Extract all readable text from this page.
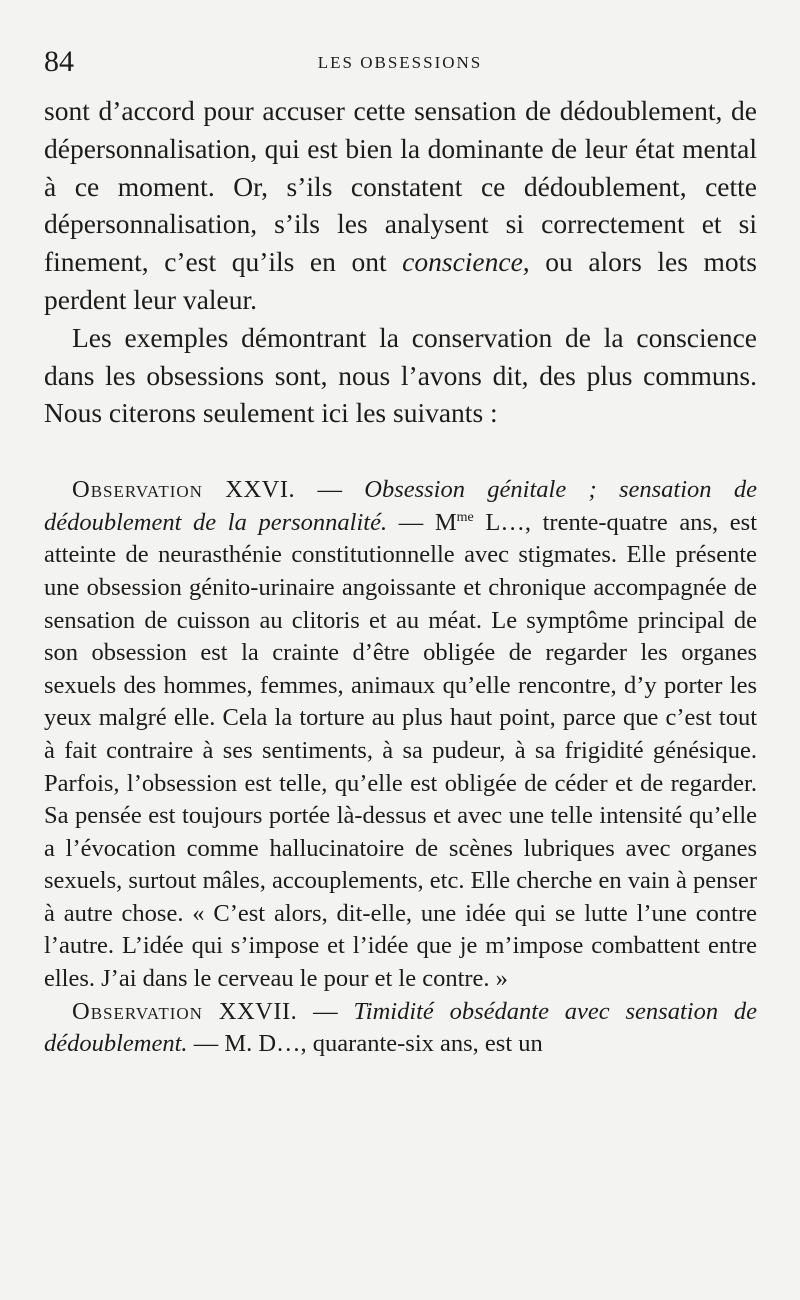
84	LES OBSESSIONS

sont d’accord pour accuser cette sensation de dédoublement, de dépersonnalisation, qui est bien la dominante de leur état mental à ce moment. Or, s’ils constatent ce dédoublement, cette dépersonnalisation, s’ils les analysent si correctement et si finement, c’est qu’ils en ont conscience, ou alors les mots perdent leur valeur.

Les exemples démontrant la conservation de la conscience dans les obsessions sont, nous l’avons dit, des plus communs. Nous citerons seulement ici les suivants :

Observation XXVI. — Obsession génitale ; sensation de dédoublement de la personnalité. — $M^{me}$ L…, trente-quatre ans, est atteinte de neurasthénie constitutionnelle avec stigmates. Elle présente une obsession génito-urinaire angoissante et chronique accompagnée de sensation de cuisson au clitoris et au méat. Le symptôme principal de son obsession est la crainte d’être obligée de regarder les organes sexuels des hommes, femmes, animaux qu’elle rencontre, d’y porter les yeux malgré elle. Cela la torture au plus haut point, parce que c’est tout à fait contraire à ses sentiments, à sa pudeur, à sa frigidité génésique. Parfois, l’obsession est telle, qu’elle est obligée de céder et de regarder. Sa pensée est toujours portée là-dessus et avec une telle intensité qu’elle a l’évocation comme hallucinatoire de scènes lubriques avec organes sexuels, surtout mâles, accouplements, etc. Elle cherche en vain à penser à autre chose. « C’est alors, dit-elle, une idée qui se lutte l’une contre l’autre. L’idée qui s’impose et l’idée que je m’impose combattent entre elles. J’ai dans le cerveau le pour et le contre. »

Observation XXVII. — Timidité obsédante avec sensation de dédoublement. — M. D…, quarante-six ans, est un
